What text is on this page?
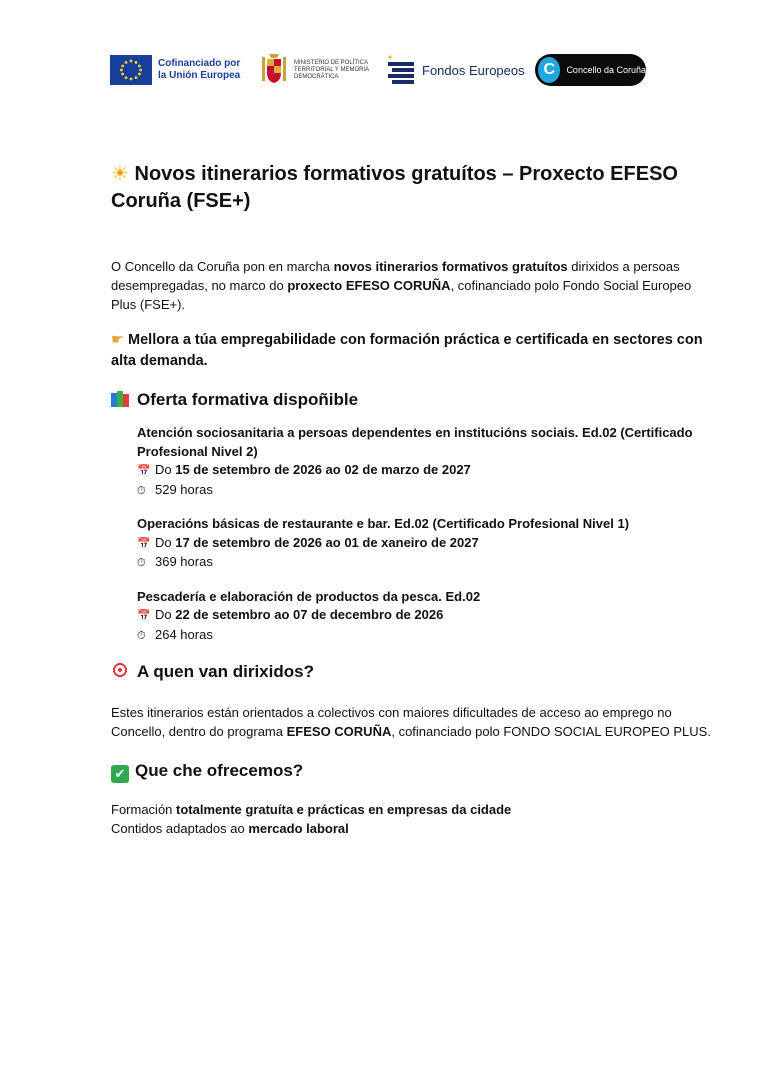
Cofinanciado por la Unión Europea
MINISTERIO DE POLÍTICA TERRITORIAL Y MEMORIA DEMOCRÁTICA	Fondos Europeos	C	Concello da Coruña
☀ Novos itinerarios formativos gratuítos – Proxecto EFESO Coruña (FSE+)

O Concello da Coruña pon en marcha novos itinerarios formativos gratuítos dirixidos a persoas desempregadas, no marco do proxecto EFESO CORUÑA, cofinanciado polo Fondo Social Europeo Plus (FSE+).

☛ Mellora a túa empregabilidade con formación práctica e certificada en sectores con alta demanda.

Oferta formativa dispoñible
Atención sociosanitaria a persoas dependentes en institucións sociais. Ed.02 (Certificado Profesional Nivel 2)
📅 Do 15 de setembro de 2026 ao 02 de marzo de 2027
⏱ 529 horas
Operacións básicas de restaurante e bar. Ed.02 (Certificado Profesional Nivel 1)
📅 Do 17 de setembro de 2026 ao 01 de xaneiro de 2027
⏱ 369 horas
Pescadería e elaboración de productos da pesca. Ed.02
📅 Do 22 de setembro ao 07 de decembro de 2026
⏱ 264 horas
A quen van dirixidos?

Estes itinerarios están orientados a colectivos con maiores dificultades de acceso ao emprego no Concello, dentro do programa EFESO CORUÑA, cofinanciado polo FONDO SOCIAL EUROPEO PLUS.

✔ Que che ofrecemos?

Formación totalmente gratuíta e prácticas en empresas da cidade

Contidos adaptados ao mercado laboral
